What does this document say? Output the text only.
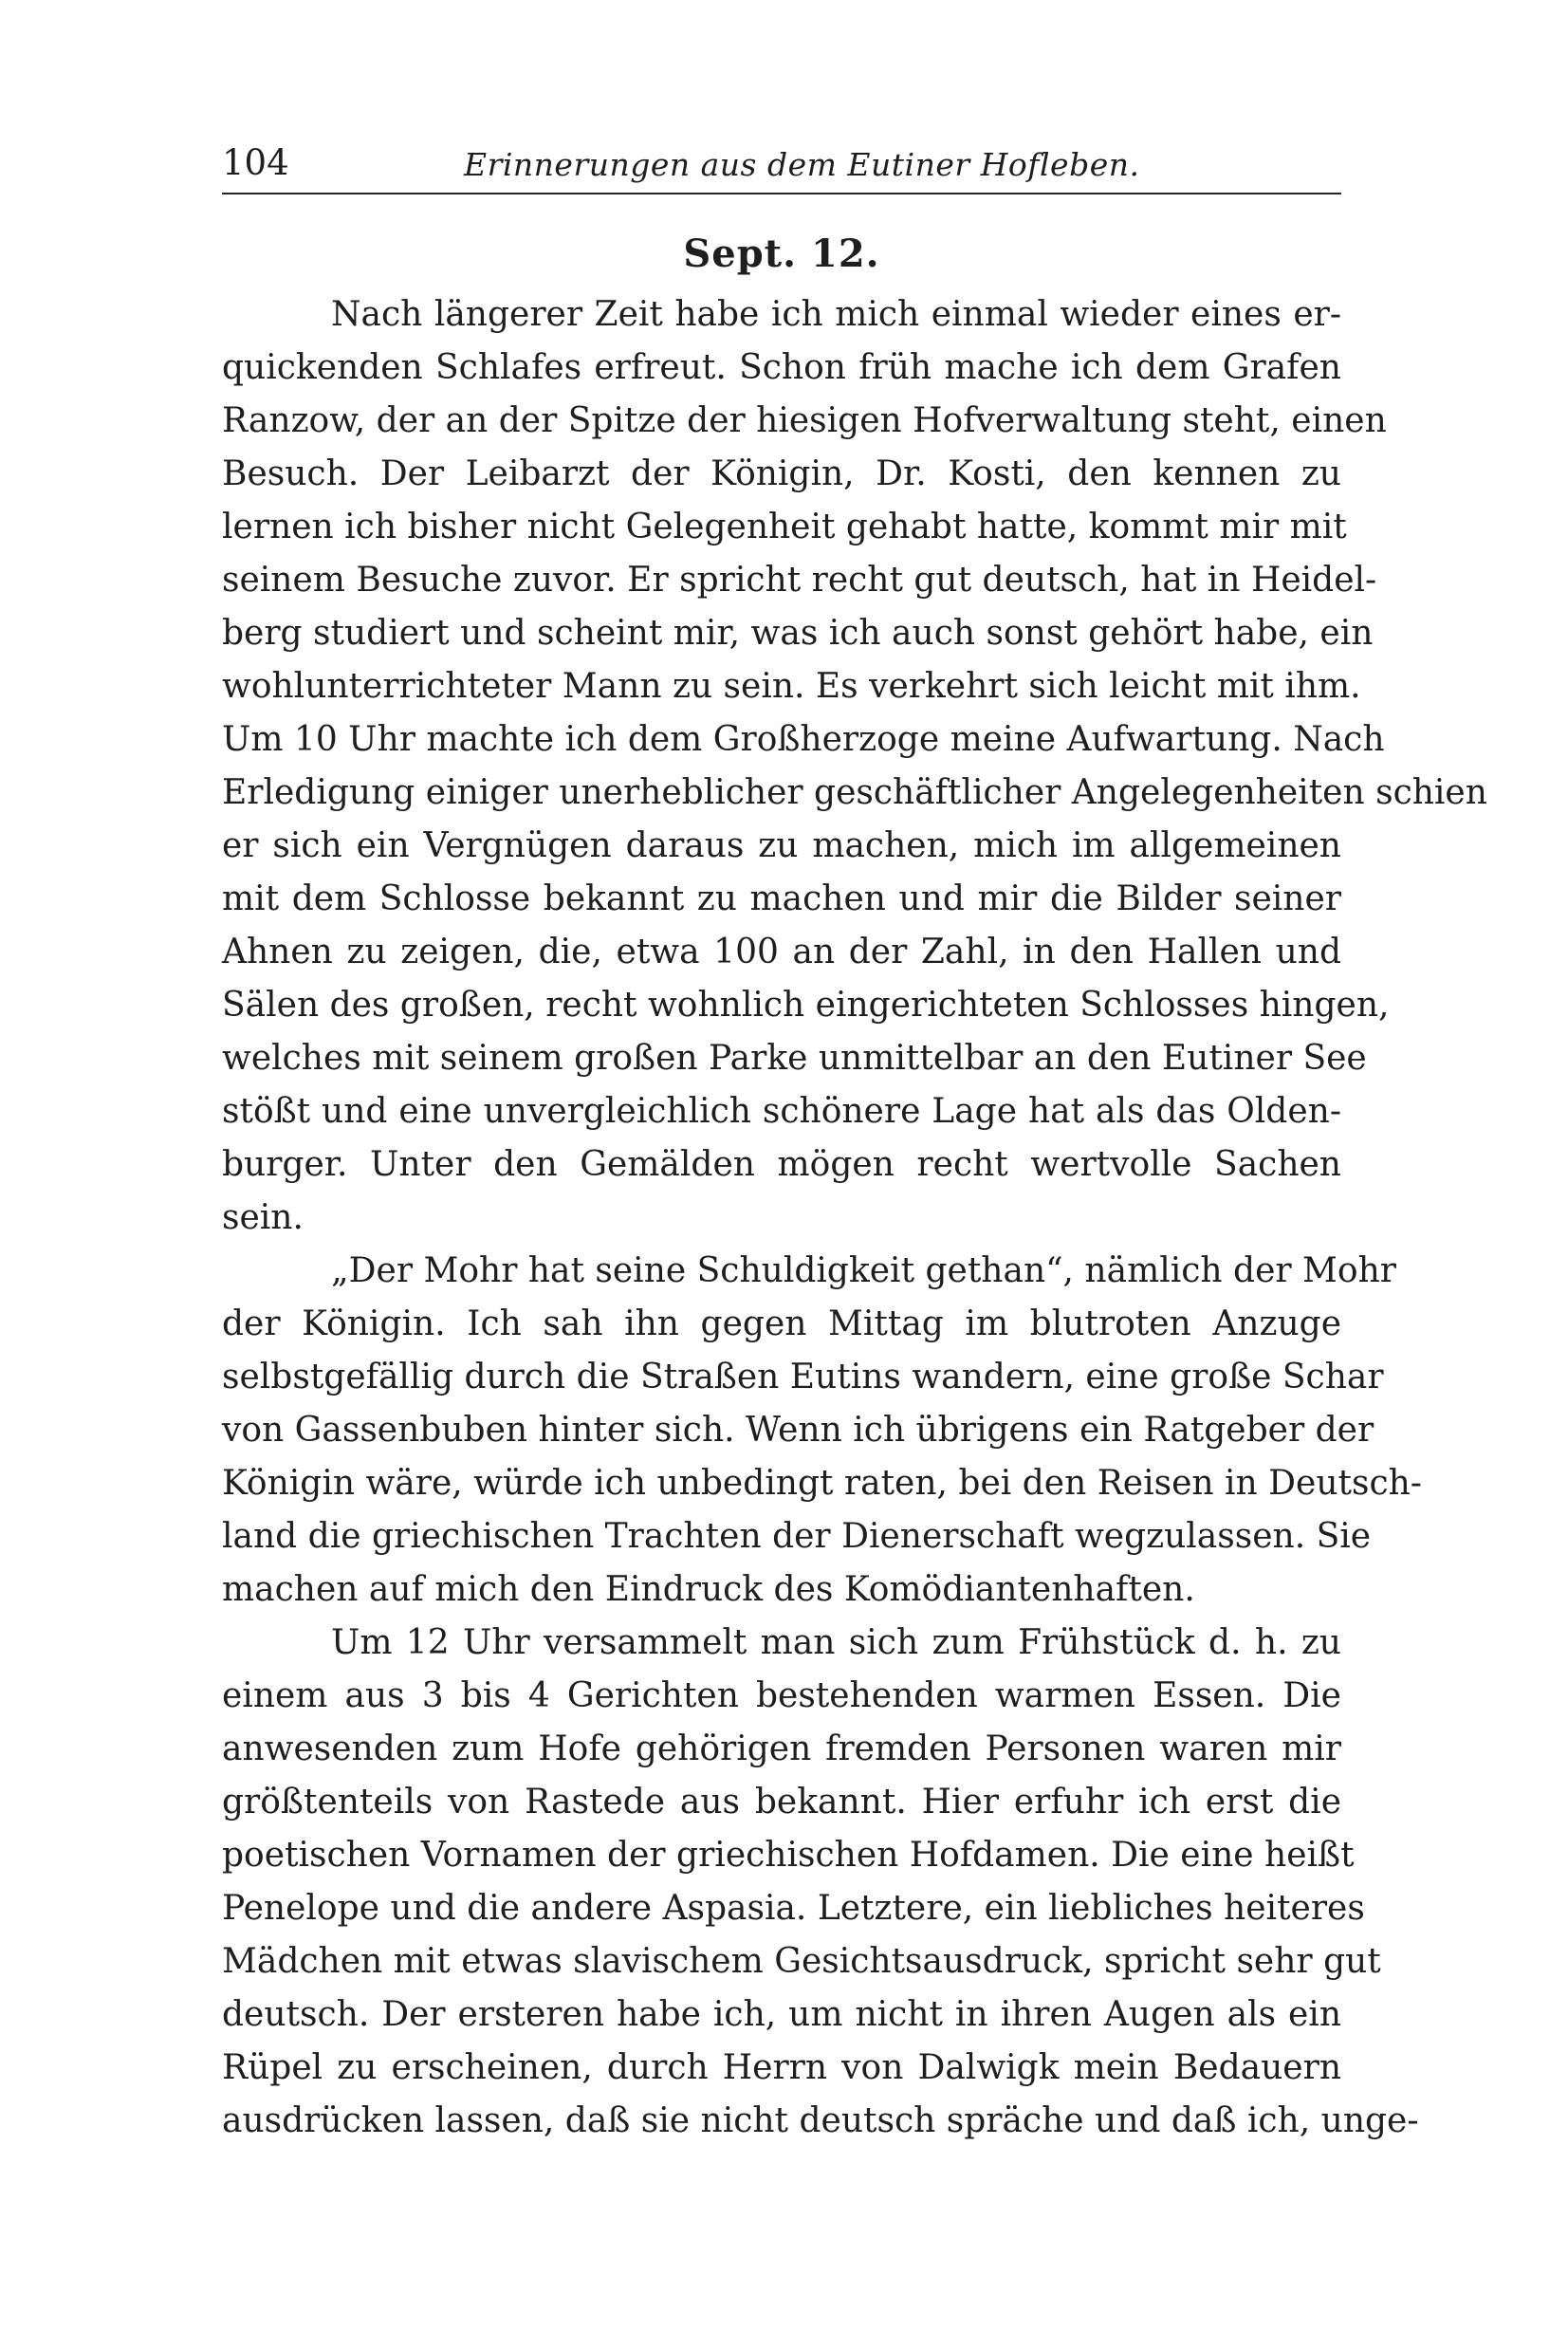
104	Erinnerungen aus dem Eutiner Hofleben.
Sept. 12.
Nach längerer Zeit habe ich mich einmal wieder eines er-
quickenden Schlafes erfreut. Schon früh mache ich dem Grafen
Ranzow, der an der Spitze der hiesigen Hofverwaltung steht, einen
Besuch. Der Leibarzt der Königin, Dr. Kosti, den kennen zu
lernen ich bisher nicht Gelegenheit gehabt hatte, kommt mir mit
seinem Besuche zuvor. Er spricht recht gut deutsch, hat in Heidel-
berg studiert und scheint mir, was ich auch sonst gehört habe, ein
wohlunterrichteter Mann zu sein. Es verkehrt sich leicht mit ihm.
Um 10 Uhr machte ich dem Großherzoge meine Aufwartung. Nach
Erledigung einiger unerheblicher geschäftlicher Angelegenheiten schien
er sich ein Vergnügen daraus zu machen, mich im allgemeinen
mit dem Schlosse bekannt zu machen und mir die Bilder seiner
Ahnen zu zeigen, die, etwa 100 an der Zahl, in den Hallen und
Sälen des großen, recht wohnlich eingerichteten Schlosses hingen,
welches mit seinem großen Parke unmittelbar an den Eutiner See
stößt und eine unvergleichlich schönere Lage hat als das Olden-
burger. Unter den Gemälden mögen recht wertvolle Sachen
sein.
„Der Mohr hat seine Schuldigkeit gethan“, nämlich der Mohr
der Königin. Ich sah ihn gegen Mittag im blutroten Anzuge
selbstgefällig durch die Straßen Eutins wandern, eine große Schar
von Gassenbuben hinter sich. Wenn ich übrigens ein Ratgeber der
Königin wäre, würde ich unbedingt raten, bei den Reisen in Deutsch-
land die griechischen Trachten der Dienerschaft wegzulassen. Sie
machen auf mich den Eindruck des Komödiantenhaften.
Um 12 Uhr versammelt man sich zum Frühstück d. h. zu
einem aus 3 bis 4 Gerichten bestehenden warmen Essen. Die
anwesenden zum Hofe gehörigen fremden Personen waren mir
größtenteils von Rastede aus bekannt. Hier erfuhr ich erst die
poetischen Vornamen der griechischen Hofdamen. Die eine heißt
Penelope und die andere Aspasia. Letztere, ein liebliches heiteres
Mädchen mit etwas slavischem Gesichtsausdruck, spricht sehr gut
deutsch. Der ersteren habe ich, um nicht in ihren Augen als ein
Rüpel zu erscheinen, durch Herrn von Dalwigk mein Bedauern
ausdrücken lassen, daß sie nicht deutsch spräche und daß ich, unge-
